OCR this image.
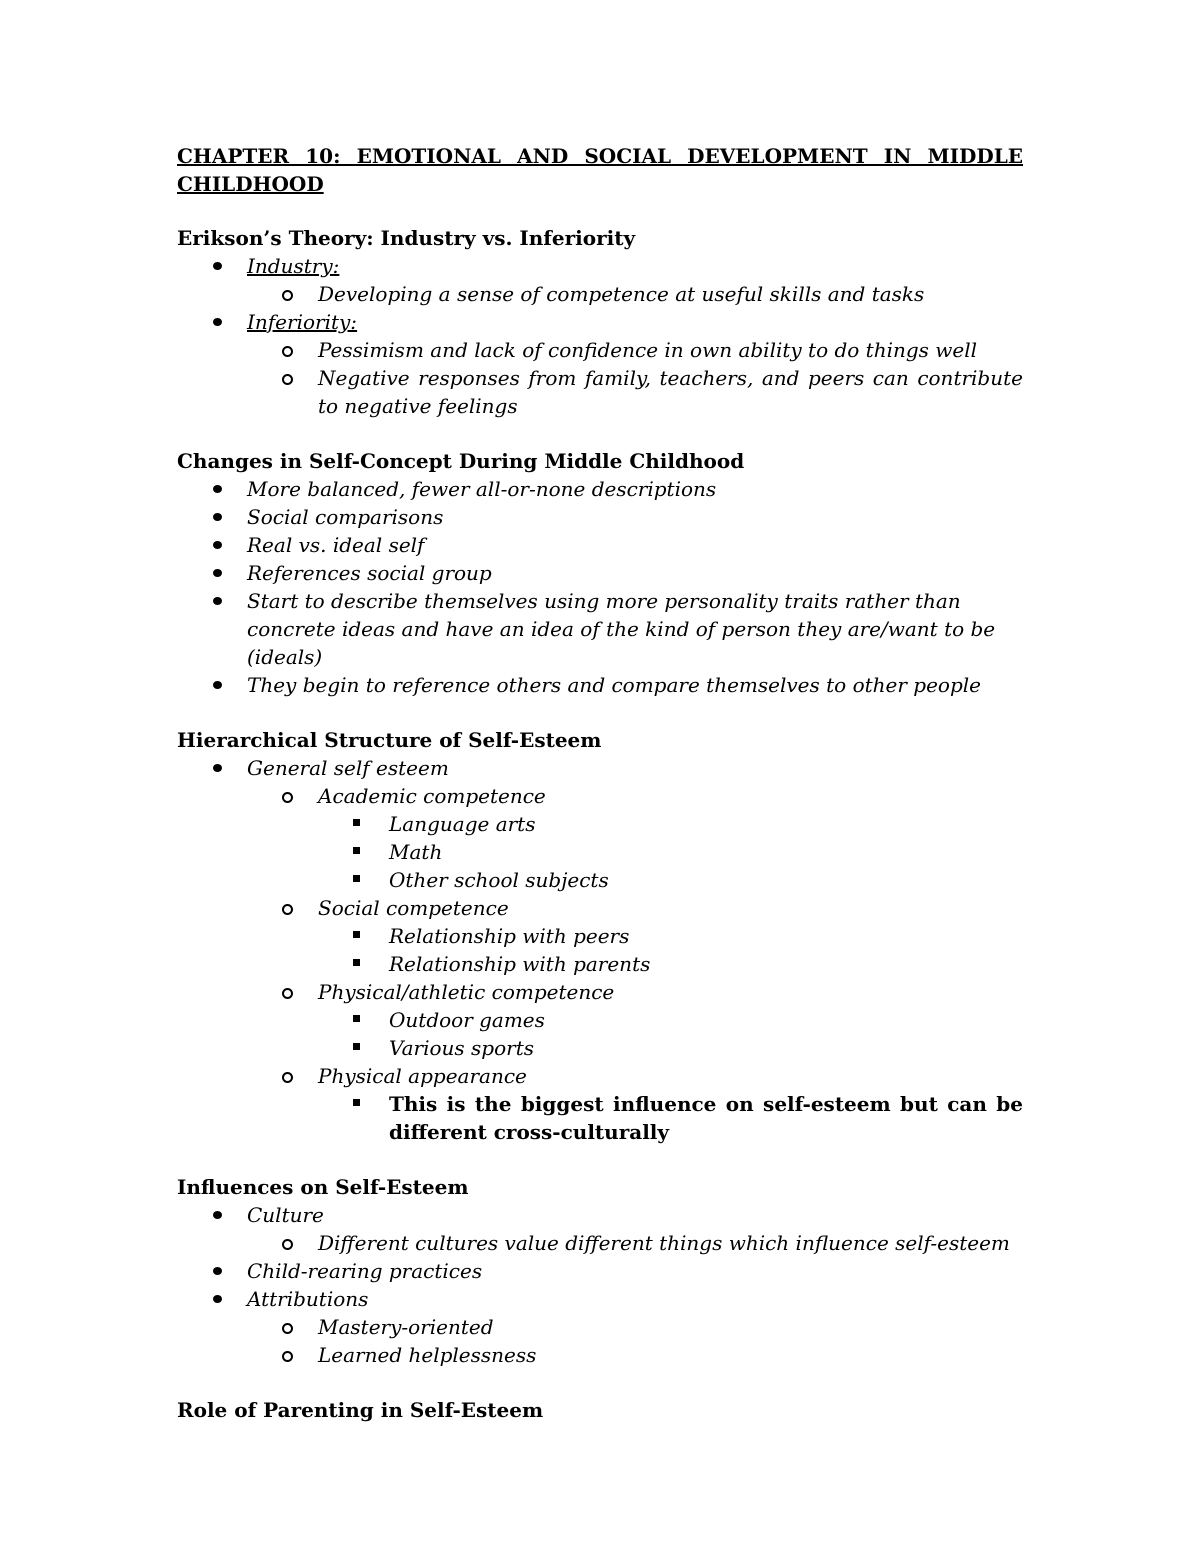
CHAPTER 10: EMOTIONAL AND SOCIAL DEVELOPMENT IN MIDDLE

CHILDHOOD

Erikson’s Theory: Industry vs. Inferiority
Industry:
Developing a sense of competence at useful skills and tasks
Inferiority:
Pessimism and lack of confidence in own ability to do things well
Negative responses from family, teachers, and peers can contribute to negative feelings
Changes in Self-Concept During Middle Childhood
More balanced, fewer all-or-none descriptions
Social comparisons
Real vs. ideal self
References social group
Start to describe themselves using more personality traits rather than concrete ideas and have an idea of the kind of person they are/want to be (ideals)
They begin to reference others and compare themselves to other people
Hierarchical Structure of Self-Esteem
General self esteem
Academic competence
Language arts
Math
Other school subjects
Social competence
Relationship with peers
Relationship with parents
Physical/athletic competence
Outdoor games
Various sports
Physical appearance
This is the biggest influence on self-esteem but can be different cross-culturally
Influences on Self-Esteem
Culture
Different cultures value different things which influence self-esteem
Child-rearing practices
Attributions
Mastery-oriented
Learned helplessness
Role of Parenting in Self-Esteem
